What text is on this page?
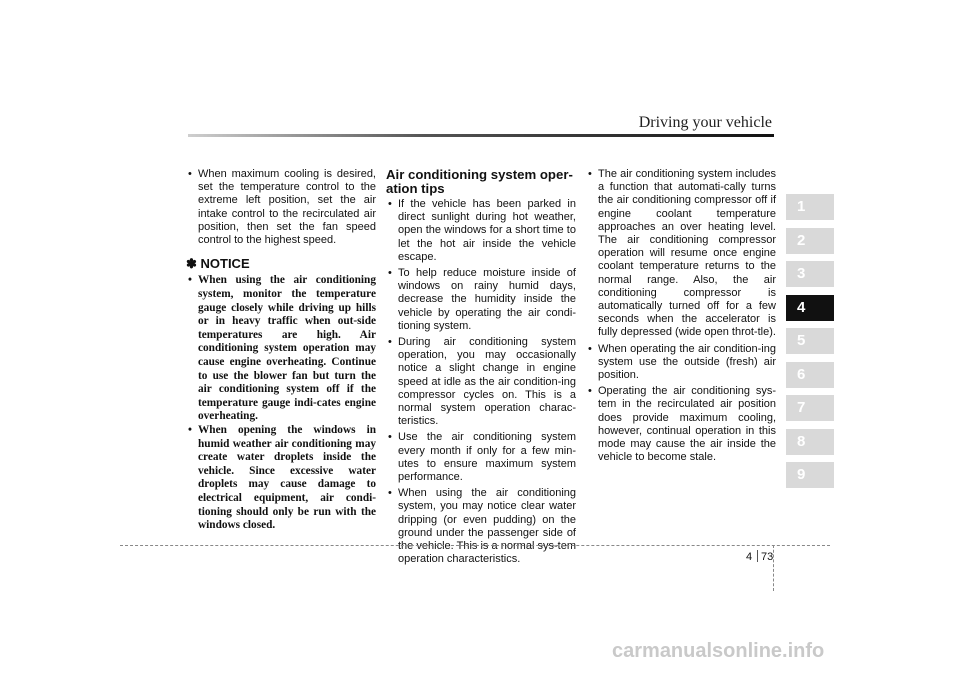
Driving your vehicle
1
2
3
4
5
6
7
8
9
• When maximum cooling is desired, set the temperature control to the extreme left position, set the air intake control to the recirculated air position, then set the fan speed control to the highest speed.
✽ NOTICE
• When using the air conditioning system, monitor the temperature gauge closely while driving up hills or in heavy traffic when out-side temperatures are high. Air conditioning system operation may cause engine overheating. Continue to use the blower fan but turn the air conditioning system off if the temperature gauge indi-cates engine overheating.
• When opening the windows in humid weather air conditioning may create water droplets inside the vehicle. Since excessive water droplets may cause damage to electrical equipment, air condi-tioning should only be run with the windows closed.
Air conditioning system oper-ation tips
• If the vehicle has been parked in direct sunlight during hot weather, open the windows for a short time to let the hot air inside the vehicle escape.
• To help reduce moisture inside of windows on rainy humid days, decrease the humidity inside the vehicle by operating the air condi-tioning system.
• During air conditioning system operation, you may occasionally notice a slight change in engine speed at idle as the air condition-ing compressor cycles on. This is a normal system operation charac-teristics.
• Use the air conditioning system every month if only for a few min-utes to ensure maximum system performance.
• When using the air conditioning system, you may notice clear water dripping (or even pudding) on the ground under the passenger side of the vehicle. This is a normal sys-tem operation characteristics.
• The air conditioning system includes a function that automati-cally turns the air conditioning compressor off if engine coolant temperature approaches an over heating level. The air conditioning compressor operation will resume once engine coolant temperature returns to the normal range. Also, the air conditioning compressor is automatically turned off for a few seconds when the accelerator is fully depressed (wide open throt-tle).
• When operating the air condition-ing system use the outside (fresh) air position.
• Operating the air conditioning sys-tem in the recirculated air position does provide maximum cooling, however, continual operation in this mode may cause the air inside the vehicle to become stale.
4 73
carmanualsonline.info
